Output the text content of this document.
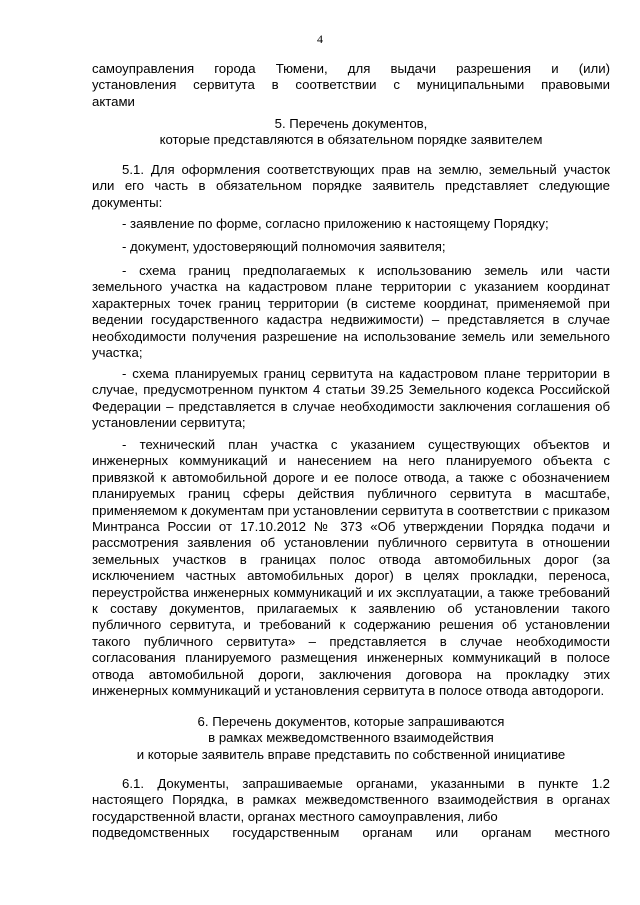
4

самоуправления города Тюмени, для выдачи разрешения и (или)

установления сервитута в соответствии с муниципальными правовыми

актами

5. Перечень документов,

которые представляются в обязательном порядке заявителем

5.1. Для оформления соответствующих прав на землю, земельный участок или его часть в обязательном порядке заявитель представляет следующие документы:
- заявление по форме, согласно приложению к настоящему Порядку;
- документ, удостоверяющий полномочия заявителя;
- схема границ предполагаемых к использованию земель или части земельного участка на кадастровом плане территории с указанием координат характерных точек границ территории (в системе координат, применяемой при ведении государственного кадастра недвижимости) – представляется в случае необходимости получения разрешение на использование земель или земельного участка;
- схема планируемых границ сервитута на кадастровом плане территории в случае, предусмотренном пунктом 4 статьи 39.25 Земельного кодекса Российской Федерации – представляется в случае необходимости заключения соглашения об установлении сервитута;
- технический план участка с указанием существующих объектов и инженерных коммуникаций и нанесением на него планируемого объекта с привязкой к автомобильной дороге и ее полосе отвода, а также с обозначением планируемых границ сферы действия публичного сервитута в масштабе, применяемом к документам при установлении сервитута в соответствии с приказом Минтранса России от 17.10.2012 № 373 «Об утверждении Порядка подачи и рассмотрения заявления об установлении публичного сервитута в отношении земельных участков в границах полос отвода автомобильных дорог (за исключением частных автомобильных дорог) в целях прокладки, переноса, переустройства инженерных коммуникаций и их эксплуатации, а также требований к составу документов, прилагаемых к заявлению об установлении такого публичного сервитута, и требований к содержанию решения об установлении такого публичного сервитута» – представляется в случае необходимости согласования планируемого размещения инженерных коммуникаций в полосе отвода автомобильной дороги, заключения договора на прокладку этих инженерных коммуникаций и установления сервитута в полосе отвода автодороги.

6. Перечень документов, которые запрашиваются

в рамках межведомственного взаимодействия

и которые заявитель вправе представить по собственной инициативе

6.1. Документы, запрашиваемые органами, указанными в пункте 1.2 настоящего Порядка, в рамках межведомственного взаимодействия в органах государственной власти, органах местного самоуправления, либо

подведомственных государственным органам или органам местного
